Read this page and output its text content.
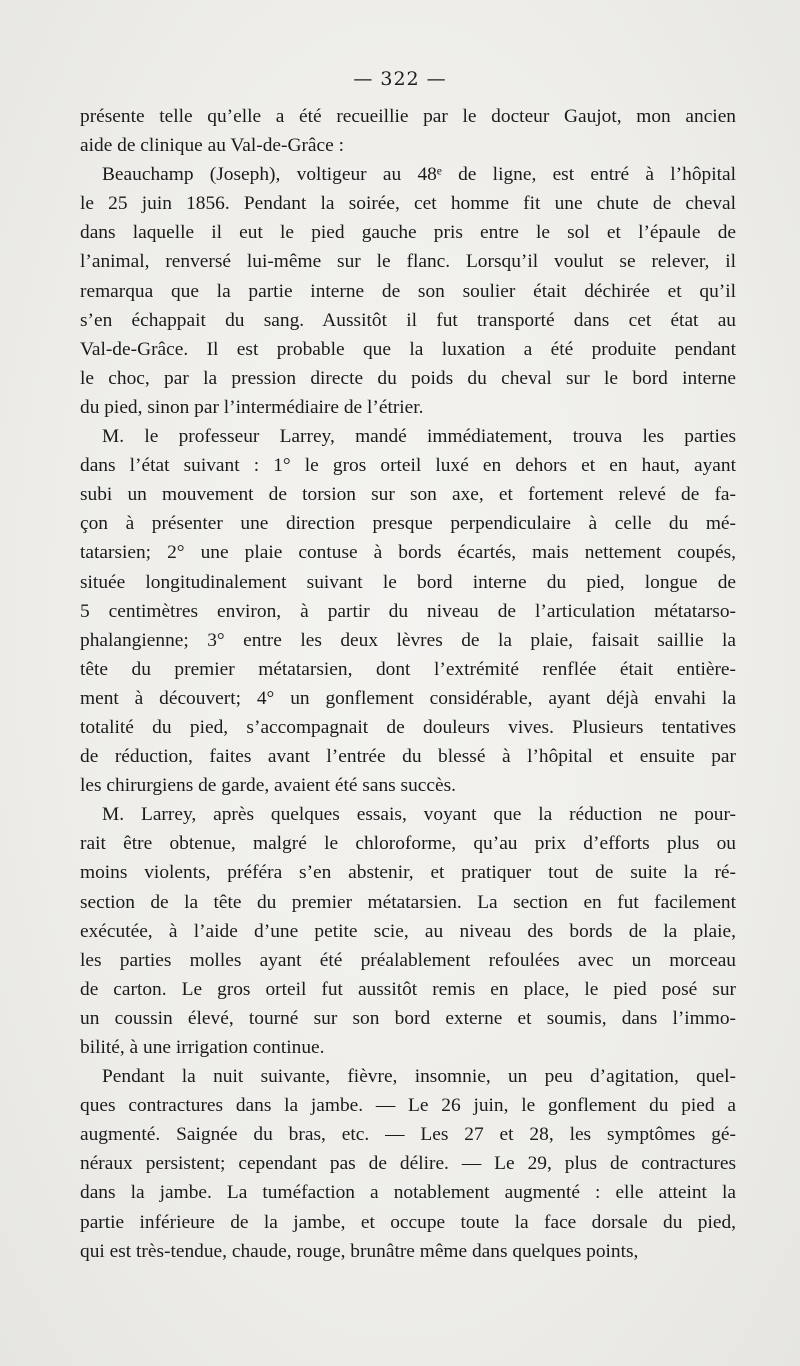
— 322 —
présente telle qu’elle a été recueillie par le docteur Gaujot, mon ancien
aide de clinique au Val-de-Grâce :
Beauchamp (Joseph), voltigeur au 48ᵉ de ligne, est entré à l’hôpital
le 25 juin 1856. Pendant la soirée, cet homme fit une chute de cheval
dans laquelle il eut le pied gauche pris entre le sol et l’épaule de
l’animal, renversé lui-même sur le flanc. Lorsqu’il voulut se relever, il
remarqua que la partie interne de son soulier était déchirée et qu’il
s’en échappait du sang. Aussitôt il fut transporté dans cet état au
Val-de-Grâce. Il est probable que la luxation a été produite pendant
le choc, par la pression directe du poids du cheval sur le bord interne
du pied, sinon par l’intermédiaire de l’étrier.
M. le professeur Larrey, mandé immédiatement, trouva les parties
dans l’état suivant : 1° le gros orteil luxé en dehors et en haut, ayant
subi un mouvement de torsion sur son axe, et fortement relevé de fa-
çon à présenter une direction presque perpendiculaire à celle du mé-
tatarsien; 2° une plaie contuse à bords écartés, mais nettement coupés,
située longitudinalement suivant le bord interne du pied, longue de
5 centimètres environ, à partir du niveau de l’articulation métatarso-
phalangienne; 3° entre les deux lèvres de la plaie, faisait saillie la
tête du premier métatarsien, dont l’extrémité renflée était entière-
ment à découvert; 4° un gonflement considérable, ayant déjà envahi la
totalité du pied, s’accompagnait de douleurs vives. Plusieurs tentatives
de réduction, faites avant l’entrée du blessé à l’hôpital et ensuite par
les chirurgiens de garde, avaient été sans succès.
M. Larrey, après quelques essais, voyant que la réduction ne pour-
rait être obtenue, malgré le chloroforme, qu’au prix d’efforts plus ou
moins violents, préféra s’en abstenir, et pratiquer tout de suite la ré-
section de la tête du premier métatarsien. La section en fut facilement
exécutée, à l’aide d’une petite scie, au niveau des bords de la plaie,
les parties molles ayant été préalablement refoulées avec un morceau
de carton. Le gros orteil fut aussitôt remis en place, le pied posé sur
un coussin élevé, tourné sur son bord externe et soumis, dans l’immo-
bilité, à une irrigation continue.
Pendant la nuit suivante, fièvre, insomnie, un peu d’agitation, quel-
ques contractures dans la jambe. — Le 26 juin, le gonflement du pied a
augmenté. Saignée du bras, etc. — Les 27 et 28, les symptômes gé-
néraux persistent; cependant pas de délire. — Le 29, plus de contractures
dans la jambe. La tuméfaction a notablement augmenté : elle atteint la
partie inférieure de la jambe, et occupe toute la face dorsale du pied,
qui est très-tendue, chaude, rouge, brunâtre même dans quelques points,
